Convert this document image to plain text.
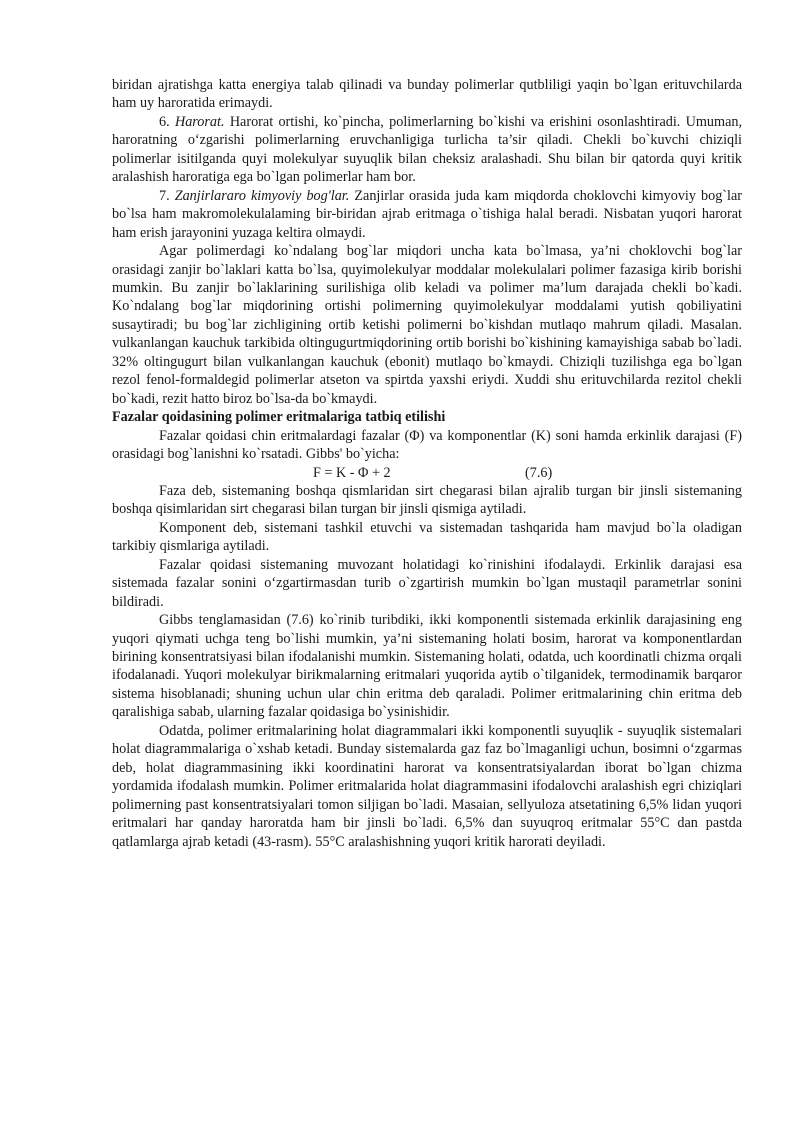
biridan ajratishga katta energiya talab qilinadi va bunday polimerlar qutbliligi yaqin bo`lgan erituvchilarda ham uy haroratida erimaydi.

6. Harorat. Harorat ortishi, ko`pincha, polimerlarning bo`kishi va erishini osonlashtiradi. Umuman, haroratning o‘zgarishi polimerlarning eruvchanligiga turlicha ta’sir qiladi. Chekli bo`kuvchi chiziqli polimerlar isitilganda quyi molekulyar suyuqlik bilan cheksiz aralashadi. Shu bilan bir qatorda quyi kritik aralashish haroratiga ega bo`lgan polimerlar ham bor.

7. Zanjirlararo kimyoviy bog'lar. Zanjirlar orasida juda kam miqdorda choklovchi kimyoviy bog`lar bo`lsa ham makromolekulalaming bir-biridan ajrab eritmaga o`tishiga halal beradi. Nisbatan yuqori harorat ham erish jarayonini yuzaga keltira olmaydi.

Agar polimerdagi ko`ndalang bog`lar miqdori uncha kata bo`lmasa, ya’ni choklovchi bog`lar orasidagi zanjir bo`laklari katta bo`lsa, quyimolekulyar moddalar molekulalari polimer fazasiga kirib borishi mumkin. Bu zanjir bo`laklarining surilishiga olib keladi va polimer ma’lum darajada chekli bo`kadi. Ko`ndalang bog`lar miqdorining ortishi polimerning quyimolekulyar moddalami yutish qobiliyatini susaytiradi; bu bog`lar zichligining ortib ketishi polimerni bo`kishdan mutlaqo mahrum qiladi. Masalan. vulkanlangan kauchuk tarkibida oltingugurtmiqdorining ortib borishi bo`kishining kamayishiga sabab bo`ladi. 32% oltingugurt bilan vulkanlangan kauchuk (ebonit) mutlaqo bo`kmaydi. Chiziqli tuzilishga ega bo`lgan rezol fenol-formaldegid polimerlar atseton va spirtda yaxshi eriydi. Xuddi shu erituvchilarda rezitol chekli bo`kadi, rezit hatto biroz bo`lsa-da bo`kmaydi.

Fazalar qoidasining polimer eritmalariga tatbiq etilishi

Fazalar qoidasi chin eritmalardagi fazalar (Φ) va komponentlar (K) soni hamda erkinlik darajasi (F) orasidagi bog`lanishni ko`rsatadi. Gibbs' bo`yicha:

F = K - Φ + 2	(7.6)

Faza deb, sistemaning boshqa qismlaridan sirt chegarasi bilan ajralib turgan bir jinsli sistemaning boshqa qisimlaridan sirt chegarasi bilan turgan bir jinsli qismiga aytiladi.

Komponent deb, sistemani tashkil etuvchi va sistemadan tashqarida ham mavjud bo`la oladigan tarkibiy qismlariga aytiladi.

Fazalar qoidasi sistemaning muvozant holatidagi ko`rinishini ifodalaydi. Erkinlik darajasi esa sistemada fazalar sonini o‘zgartirmasdan turib o`zgartirish mumkin bo`lgan mustaqil parametrlar sonini bildiradi.

Gibbs tenglamasidan (7.6) ko`rinib turibdiki, ikki komponentli sistemada erkinlik darajasining eng yuqori qiymati uchga teng bo`lishi mumkin, ya’ni sistemaning holati bosim, harorat va komponentlardan birining konsentratsiyasi bilan ifodalanishi mumkin. Sistemaning holati, odatda, uch koordinatli chizma orqali ifodalanadi. Yuqori molekulyar birikmalarning eritmalari yuqorida aytib o`tilganidek, termodinamik barqaror sistema hisoblanadi; shuning uchun ular chin eritma deb qaraladi. Polimer eritmalarining chin eritma deb qaralishiga sabab, ularning fazalar qoidasiga bo`ysinishidir.

Odatda, polimer eritmalarining holat diagrammalari ikki komponentli suyuqlik - suyuqlik sistemalari holat diagrammalariga o`xshab ketadi. Bunday sistemalarda gaz faz bo`lmaganligi uchun, bosimni o‘zgarmas deb, holat diagrammasining ikki koordinatini harorat va konsentratsiyalardan iborat bo`lgan chizma yordamida ifodalash mumkin. Polimer eritmalarida holat diagrammasini ifodalovchi aralashish egri chiziqlari polimerning past konsentratsiyalari tomon siljigan bo`ladi. Masaian, sellyuloza atsetatining 6,5% lidan yuqori eritmalari har qanday haroratda ham bir jinsli bo`ladi. 6,5% dan suyuqroq eritmalar 55°C dan pastda qatlamlarga ajrab ketadi (43-rasm). 55°C aralashishning yuqori kritik harorati deyiladi.
